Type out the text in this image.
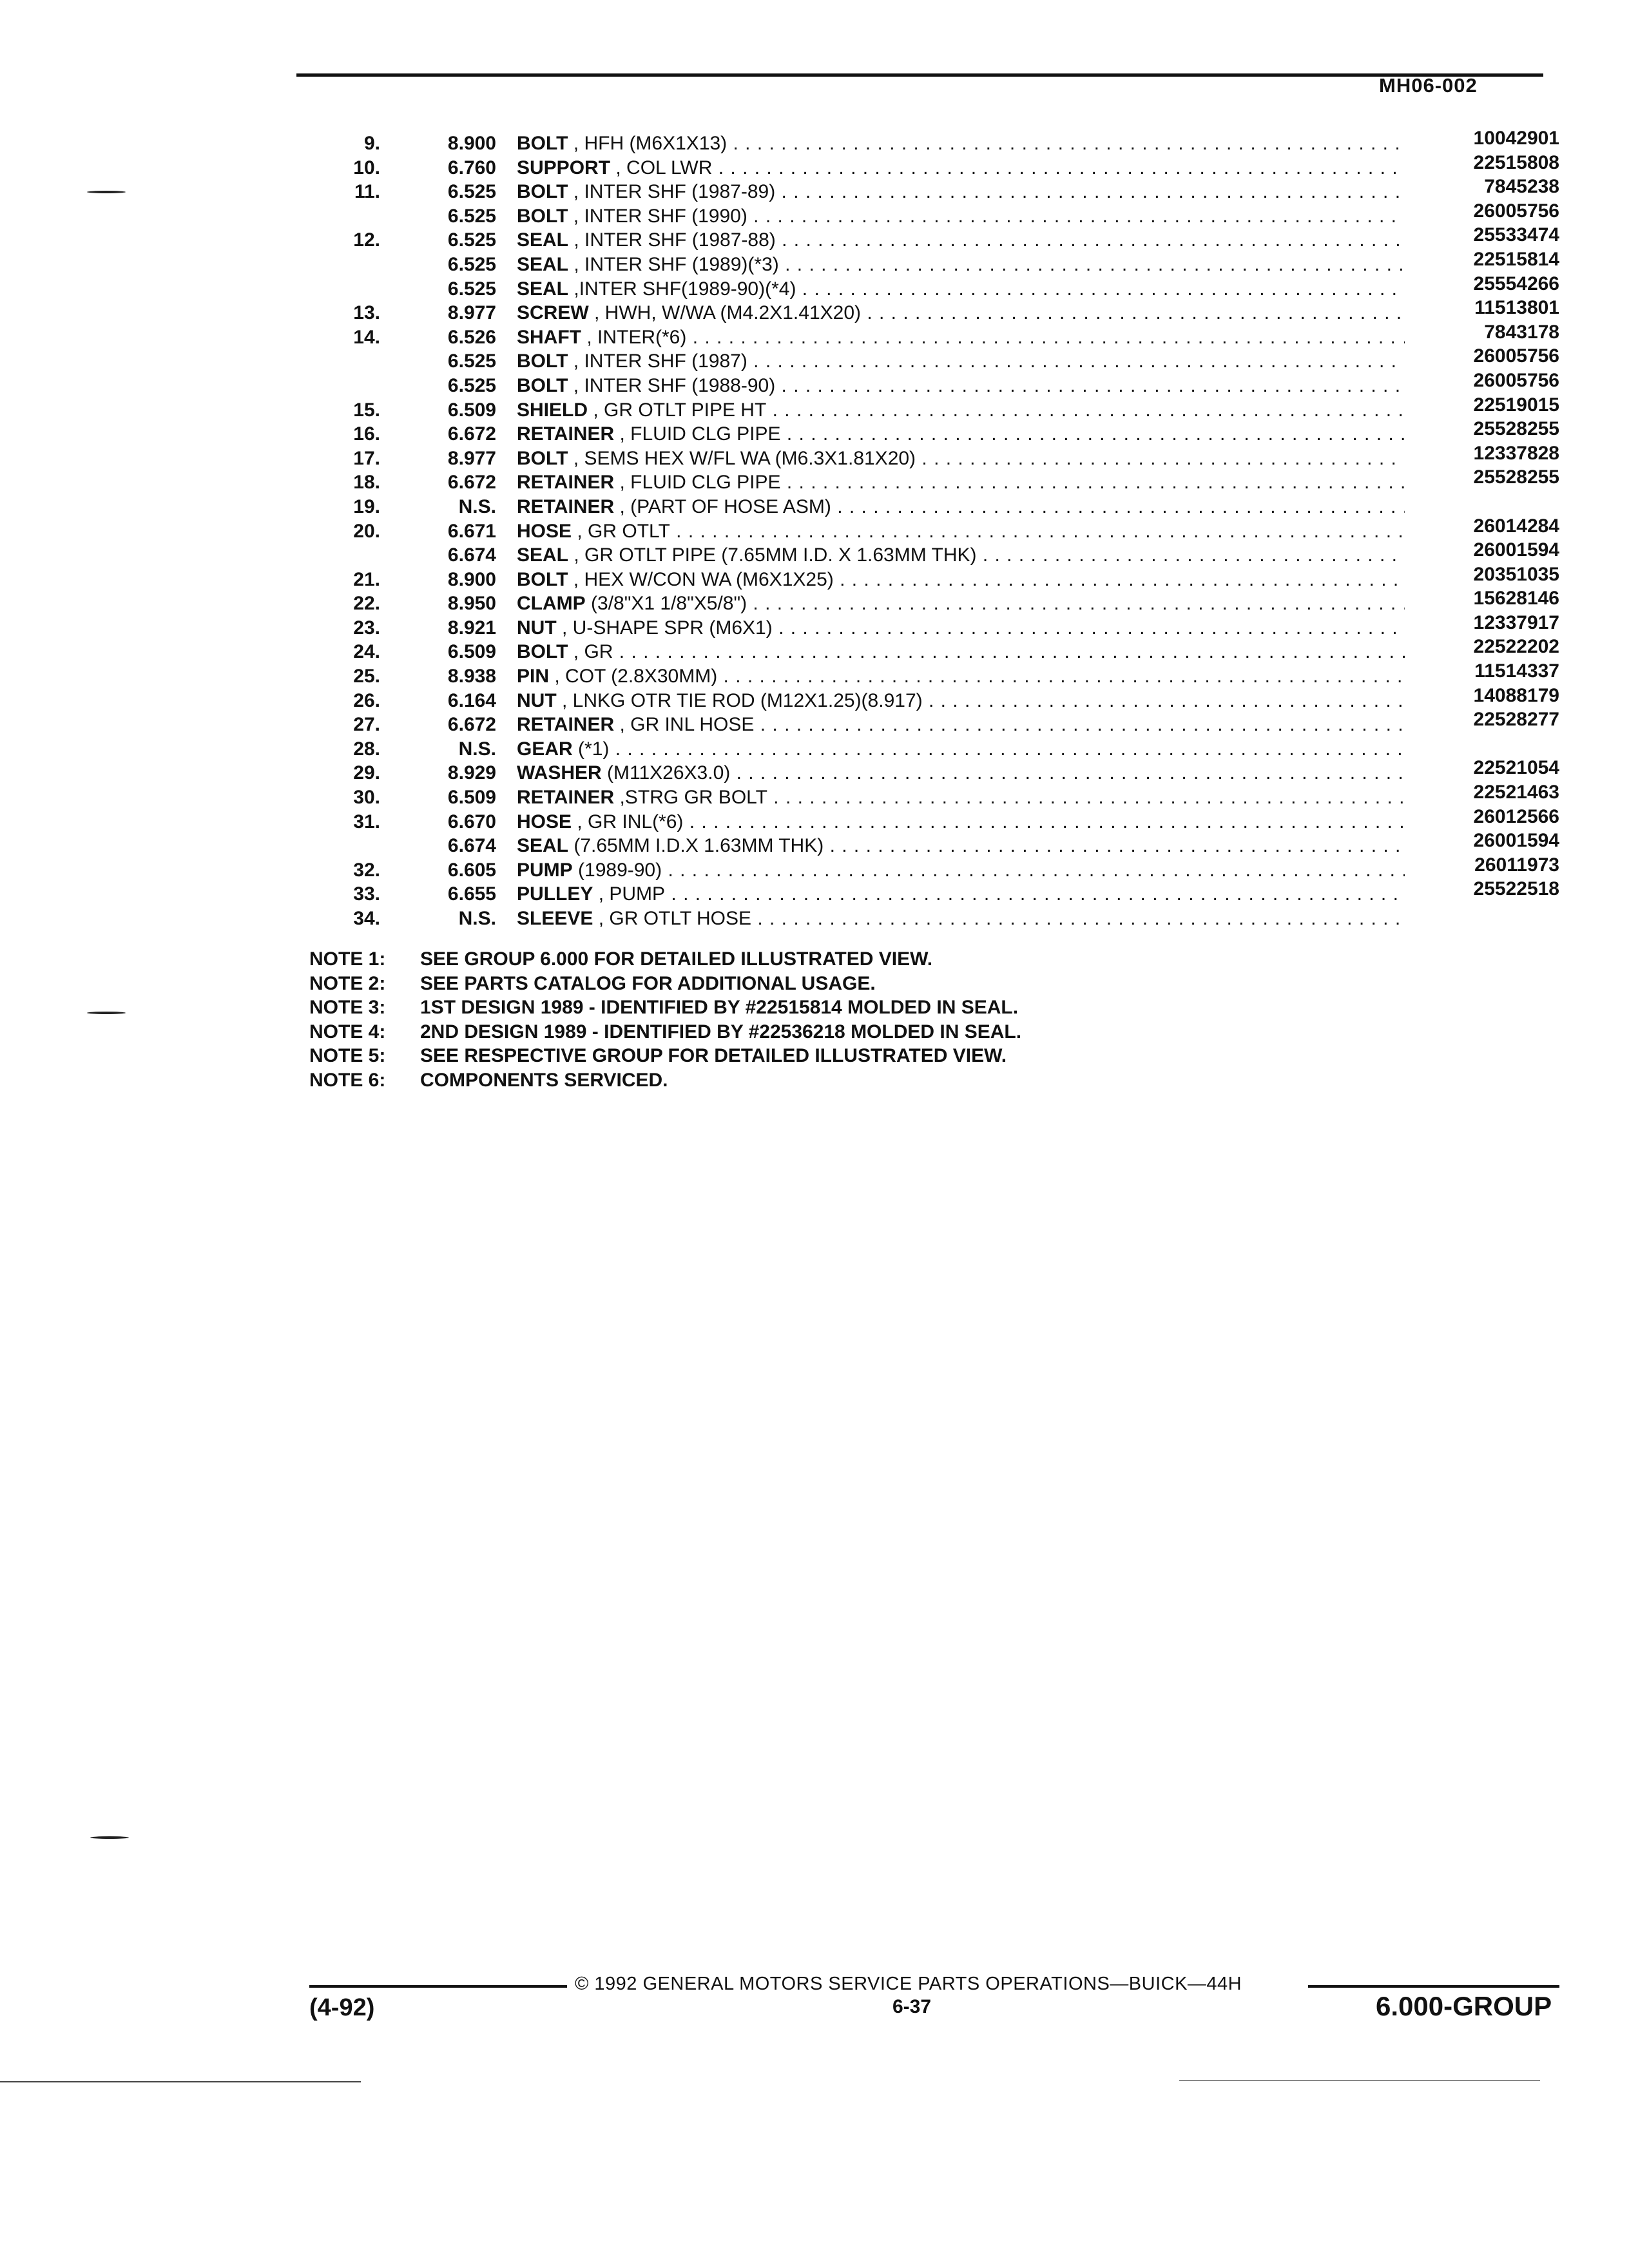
MH06-002
9.	8.900 BOLT , HFH (M6X1X13) . . .	10042901
10.	6.760 SUPPORT , COL LWR . . .	22515808
11.	6.525 BOLT , INTER SHF (1987-89) . . .	7845238
6.525 BOLT , INTER SHF (1990) . . .	26005756
12.	6.525 SEAL , INTER SHF (1987-88) . . .	25533474
6.525 SEAL , INTER SHF (1989)(*3) . . .	22515814
6.525 SEAL ,INTER SHF(1989-90)(*4) . . .	25554266
13.	8.977 SCREW , HWH, W/WA (M4.2X1.41X20) . . .	11513801
14.	6.526 SHAFT , INTER(*6) . . .	7843178
6.525 BOLT , INTER SHF (1987) . . .	26005756
6.525 BOLT , INTER SHF (1988-90) . . .	26005756
15.	6.509 SHIELD , GR OTLT PIPE HT . . .	22519015
16.	6.672 RETAINER , FLUID CLG PIPE . . .	25528255
17.	8.977 BOLT , SEMS HEX W/FL WA (M6.3X1.81X20) . . .	12337828
18.	6.672 RETAINER , FLUID CLG PIPE . . .	25528255
19.	N.S. RETAINER , (PART OF HOSE ASM) . . .
20.	6.671 HOSE , GR OTLT . . .	26014284
6.674 SEAL , GR OTLT PIPE (7.65MM I.D. X 1.63MM THK) . . .	26001594
21.	8.900 BOLT , HEX W/CON WA (M6X1X25) . . .	20351035
22.	8.950 CLAMP (3/8"X1 1/8"X5/8") . . .	15628146
23.	8.921 NUT , U-SHAPE SPR (M6X1) . . .	12337917
24.	6.509 BOLT , GR . . .	22522202
25.	8.938 PIN , COT (2.8X30MM) . . .	11514337
26.	6.164 NUT , LNKG OTR TIE ROD (M12X1.25)(8.917) . . .	14088179
27.	6.672 RETAINER , GR INL HOSE . . .	22528277
28.	N.S. GEAR (*1) . . .
29.	8.929 WASHER (M11X26X3.0) . . .	22521054
30.	6.509 RETAINER ,STRG GR BOLT . . .	22521463
31.	6.670 HOSE , GR INL(*6) . . .	26012566
6.674 SEAL (7.65MM I.D.X 1.63MM THK) . . .	26001594
32.	6.605 PUMP (1989-90) . . .	26011973
33.	6.655 PULLEY , PUMP . . .	25522518
34.	N.S. SLEEVE , GR OTLT HOSE . . .
NOTE 1: SEE GROUP 6.000 FOR DETAILED ILLUSTRATED VIEW.
NOTE 2: SEE PARTS CATALOG FOR ADDITIONAL USAGE.
NOTE 3: 1ST DESIGN 1989 - IDENTIFIED BY #22515814 MOLDED IN SEAL.
NOTE 4: 2ND DESIGN 1989 - IDENTIFIED BY #22536218 MOLDED IN SEAL.
NOTE 5: SEE RESPECTIVE GROUP FOR DETAILED ILLUSTRATED VIEW.
NOTE 6: COMPONENTS SERVICED.
© 1992 GENERAL MOTORS SERVICE PARTS OPERATIONS—BUICK—44H
(4-92)	6-37	6.000-GROUP
